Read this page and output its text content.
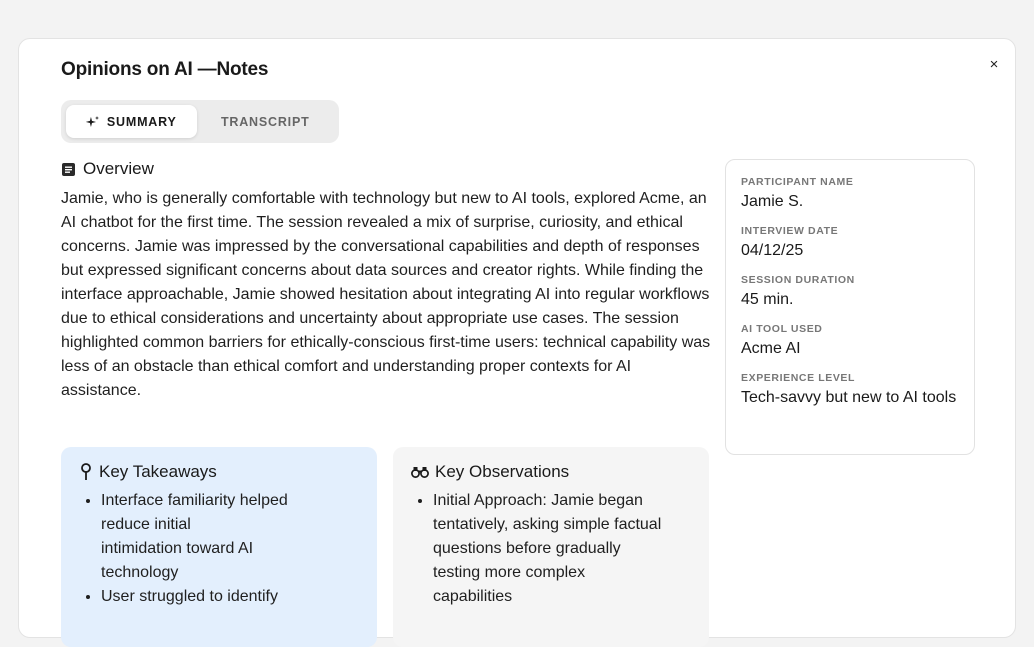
Opinions on AI —Notes	×
SUMMARY	TRANSCRIPT
Overview

Jamie, who is generally comfortable with technology but new to AI tools, explored Acme, an AI chatbot for the first time. The session revealed a mix of surprise, curiosity, and ethical concerns. Jamie was impressed by the conversational capabilities and depth of responses but expressed significant concerns about data sources and creator rights. While finding the interface approachable, Jamie showed hesitation about integrating AI into regular workflows due to ethical considerations and uncertainty about appropriate use cases. The session highlighted common barriers for ethically-conscious first-time users: technical capability was less of an obstacle than ethical comfort and understanding proper contexts for AI assistance.

Key Takeaways
• Interface familiarity helped
reduce initial
intimidation toward AI
technology
• User struggled to identify
Key Observations
• Initial Approach: Jamie began
tentatively, asking simple factual
questions before gradually
testing more complex
capabilities
PARTICIPANT NAME
Jamie S.
INTERVIEW DATE
04/12/25
SESSION DURATION
45 min.
AI TOOL USED
Acme AI
EXPERIENCE LEVEL
Tech-savvy but new to AI tools
